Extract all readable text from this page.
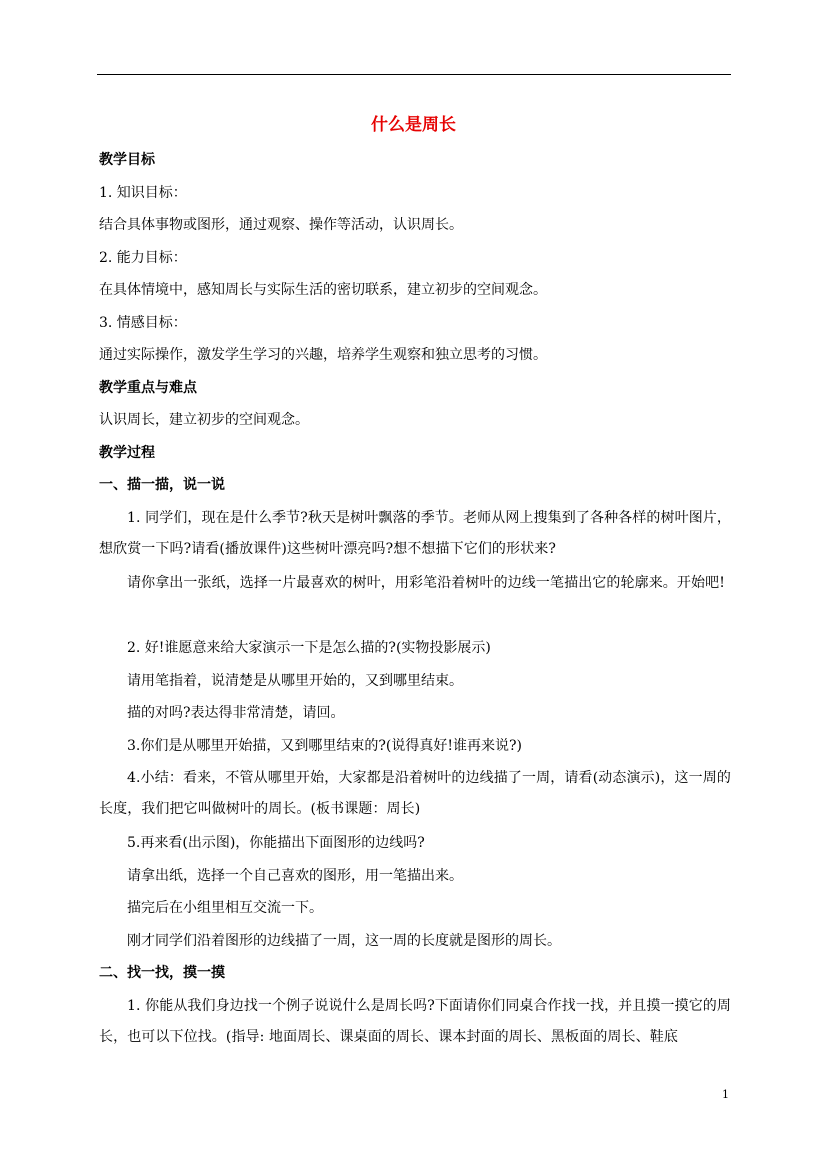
什么是周长
教学目标
1. 知识目标：
结合具体事物或图形，通过观察、操作等活动，认识周长。
2. 能力目标：
在具体情境中，感知周长与实际生活的密切联系，建立初步的空间观念。
3. 情感目标：
通过实际操作，激发学生学习的兴趣，培养学生观察和独立思考的习惯。
教学重点与难点
认识周长，建立初步的空间观念。
教学过程
一、描一描，说一说
1. 同学们，现在是什么季节?秋天是树叶飘落的季节。老师从网上搜集到了各种各样的树叶图片，想欣赏一下吗?请看(播放课件)这些树叶漂亮吗?想不想描下它们的形状来?
请你拿出一张纸，选择一片最喜欢的树叶，用彩笔沿着树叶的边线一笔描出它的轮廓来。开始吧!
2. 好!谁愿意来给大家演示一下是怎么描的?(实物投影展示)
请用笔指着，说清楚是从哪里开始的，又到哪里结束。
描的对吗?表达得非常清楚，请回。
3.你们是从哪里开始描，又到哪里结束的?(说得真好!谁再来说?)
4.小结：看来，不管从哪里开始，大家都是沿着树叶的边线描了一周，请看(动态演示)，这一周的长度，我们把它叫做树叶的周长。(板书课题：周长)
5.再来看(出示图)，你能描出下面图形的边线吗?
请拿出纸，选择一个自己喜欢的图形，用一笔描出来。
描完后在小组里相互交流一下。
刚才同学们沿着图形的边线描了一周，这一周的长度就是图形的周长。
二、找一找，摸一摸
1. 你能从我们身边找一个例子说说什么是周长吗?下面请你们同桌合作找一找，并且摸一摸它的周长，也可以下位找。(指导: 地面周长、课桌面的周长、课本封面的周长、黑板面的周长、鞋底
1
